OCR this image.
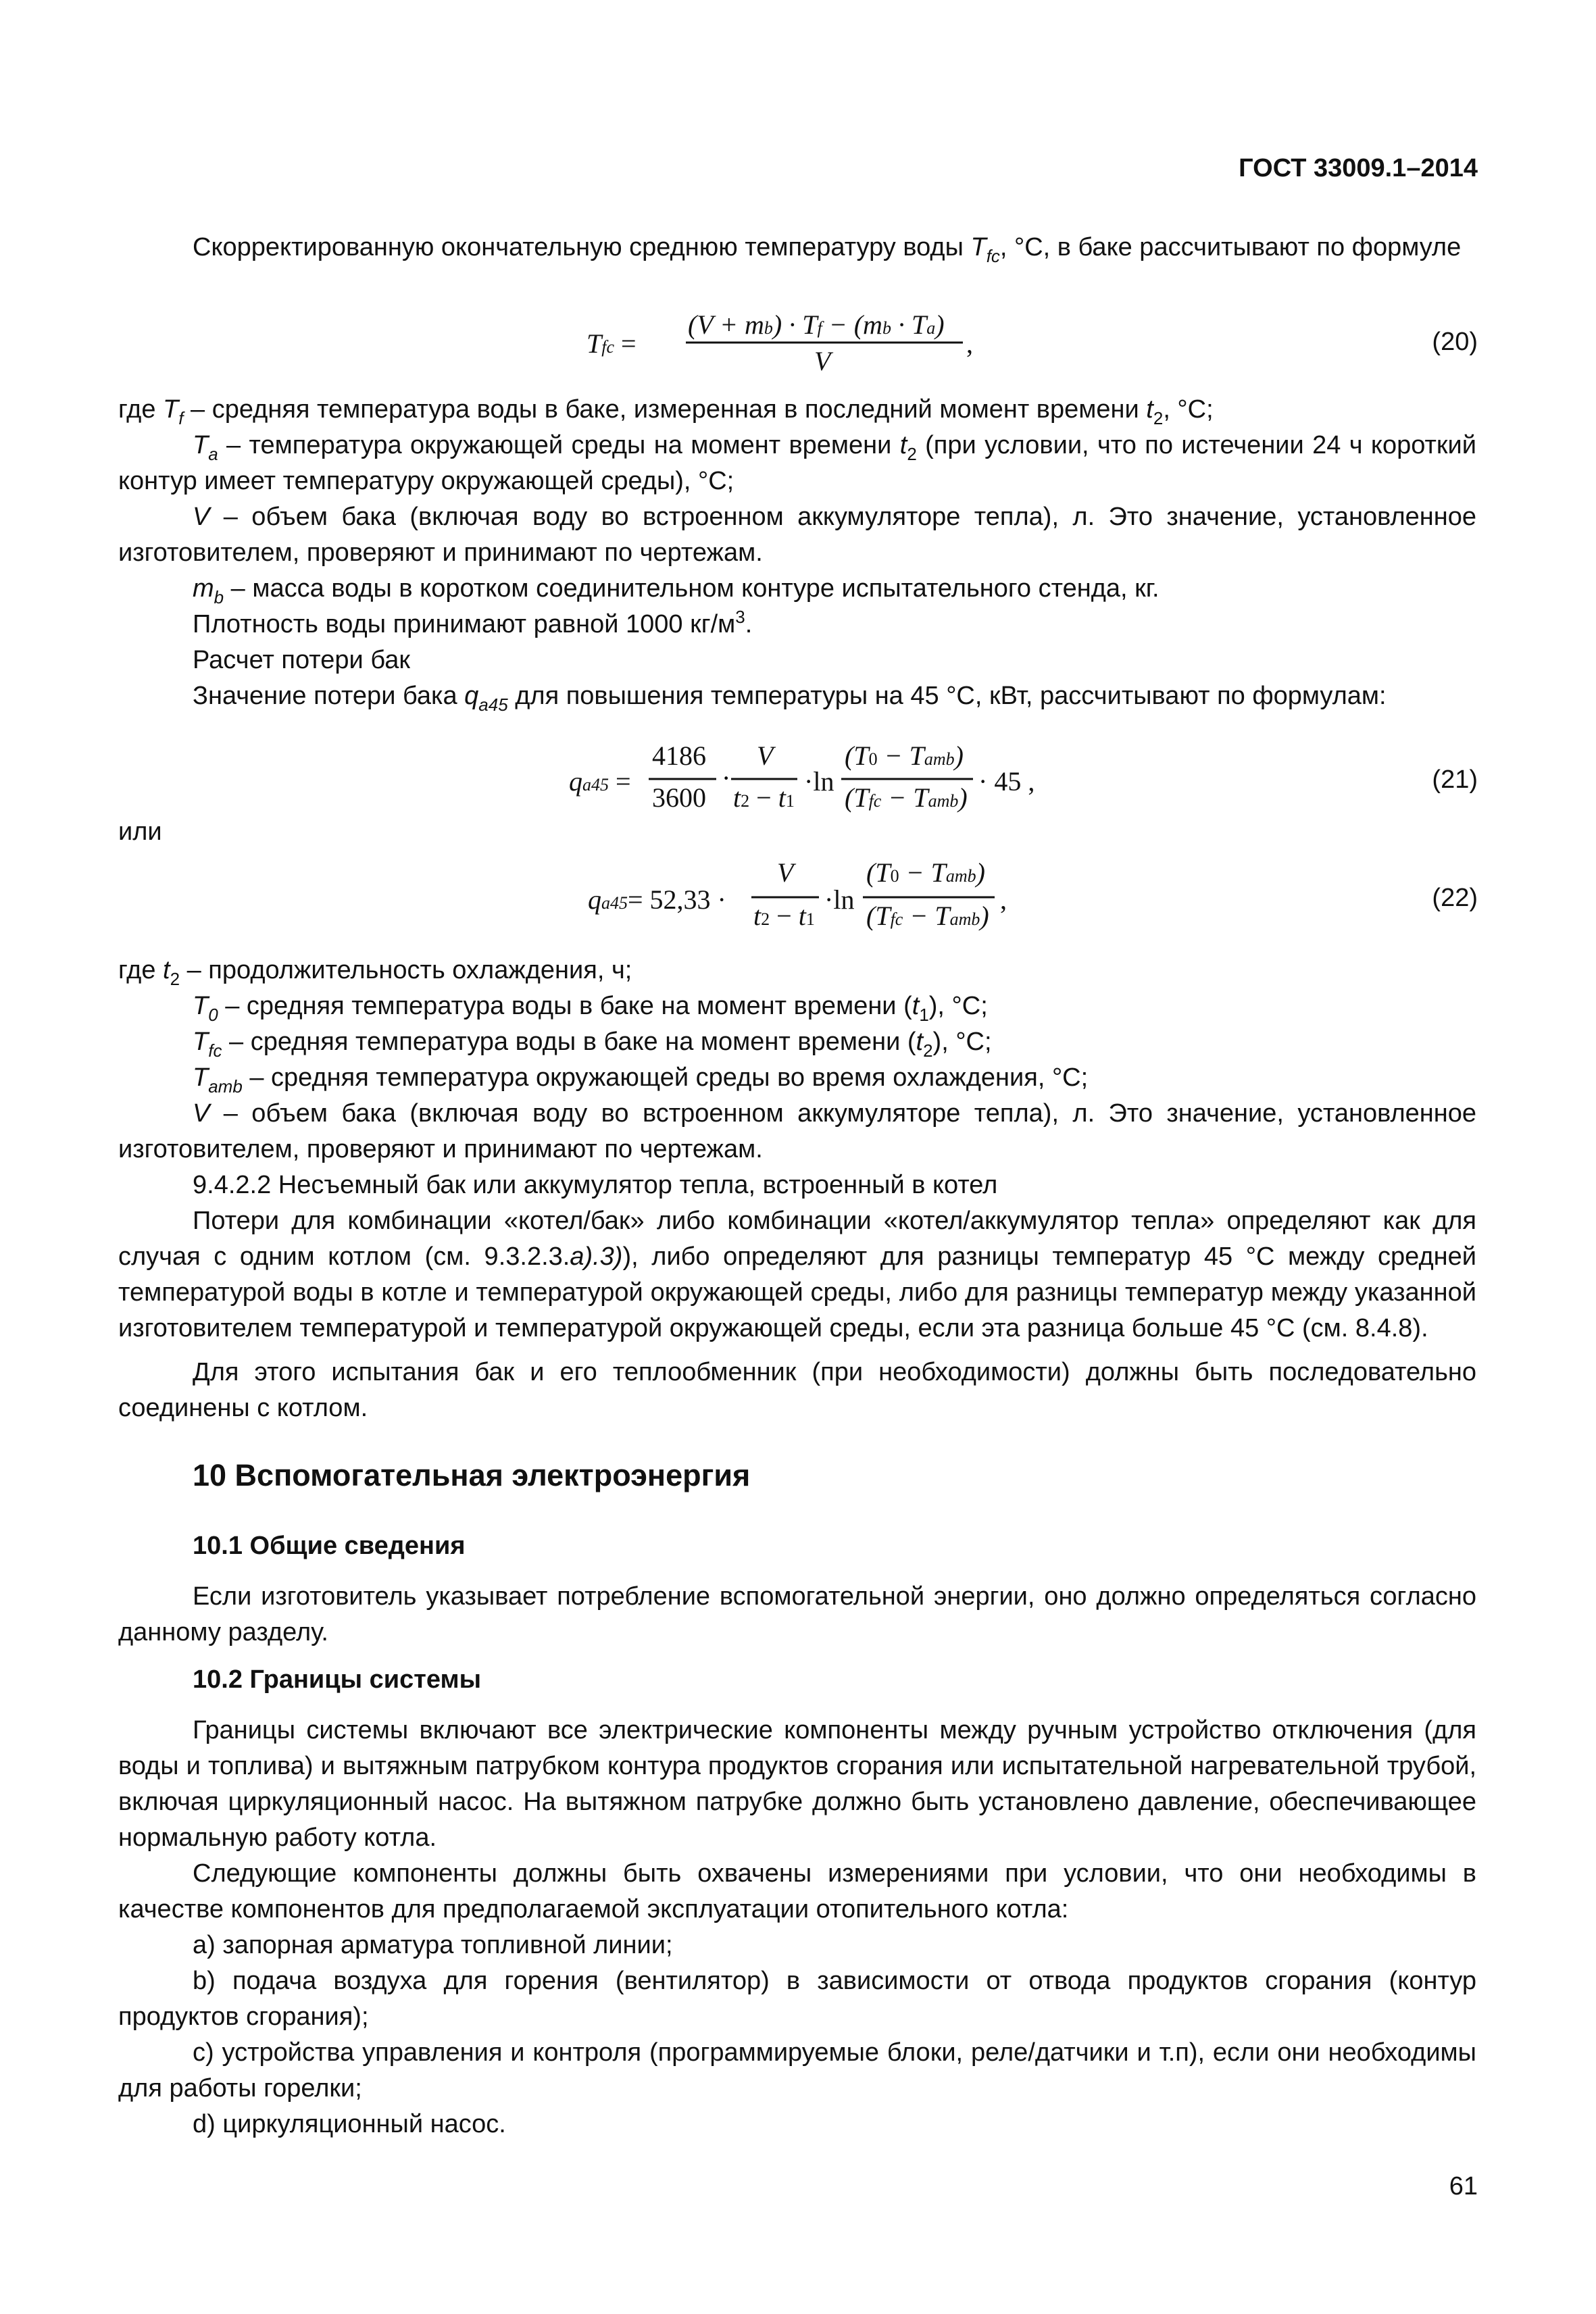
ГОСТ 33009.1–2014
Скорректированную окончательную среднюю температуру воды $T_{fc}$, °С, в баке рассчитывают по формуле
Tfc =
(V + mb) · Tf − (mb · Ta)
V
,	(20)
где $T_f$ – средняя температура воды в баке, измеренная в последний момент времени $t_2$, °С;
$T_a$ – температура окружающей среды на момент времени $t_2$ (при условии, что по истечении 24 ч короткий контур имеет температуру окружающей среды), °С;
V – объем бака (включая воду во встроенном аккумуляторе тепла), л. Это значение, установленное изготовителем, проверяют и принимают по чертежам.
$m_b$ – масса воды в коротком соединительном контуре испытательного стенда, кг.
Плотность воды принимают равной 1000 $кг/м^3$.
Расчет потери бак
Значение потери бака $q_{a45}$ для повышения температуры на 45 °С, кВт, рассчитывают по формулам:
qa45 =
4186
3600
V
t2 − t1
·ln
(T0 − Tamb)
(Tfc − Tamb)
·	· 45 ,	(21)
или
qa45= 52,33 ·
V
t2 − t1
·ln
(T0 − Tamb)
(Tfc − Tamb)
,	(22)
где $t_2$ – продолжительность охлаждения, ч;
$T_0$ – средняя температура воды в баке на момент времени $(t_1)$, °С;
$T_{fc}$ – средняя температура воды в баке на момент времени $(t_2)$, °С;
$T_{amb}$ – средняя температура окружающей среды во время охлаждения, °С;
V – объем бака (включая воду во встроенном аккумуляторе тепла), л. Это значение, установленное изготовителем, проверяют и принимают по чертежам.
9.4.2.2 Несъемный бак или аккумулятор тепла, встроенный в котел
Потери для комбинации «котел/бак» либо комбинации «котел/аккумулятор тепла» определяют как для случая с одним котлом (см. 9.3.2.3.а).3)), либо определяют для разницы температур 45 °С между средней температурой воды в котле и температурой окружающей среды, либо для разницы температур между указанной изготовителем температурой и температурой окружающей среды, если эта разница больше 45 °С (см. 8.4.8).
Для этого испытания бак и его теплообменник (при необходимости) должны быть последовательно соединены с котлом.
10 Вспомогательная электроэнергия
10.1 Общие сведения
Если изготовитель указывает потребление вспомогательной энергии, оно должно определяться согласно данному разделу.
10.2 Границы системы
Границы системы включают все электрические компоненты между ручным устройство отключения (для воды и топлива) и вытяжным патрубком контура продуктов сгорания или испытательной нагревательной трубой, включая циркуляционный насос. На вытяжном патрубке должно быть установлено давление, обеспечивающее нормальную работу котла.
Следующие компоненты должны быть охвачены измерениями при условии, что они необходимы в качестве компонентов для предполагаемой эксплуатации отопительного котла:
а) запорная арматура топливной линии;
b) подача воздуха для горения (вентилятор) в зависимости от отвода продуктов сгорания (контур продуктов сгорания);
c) устройства управления и контроля (программируемые блоки, реле/датчики и т.п), если они необходимы для работы горелки;
d) циркуляционный насос.
61
